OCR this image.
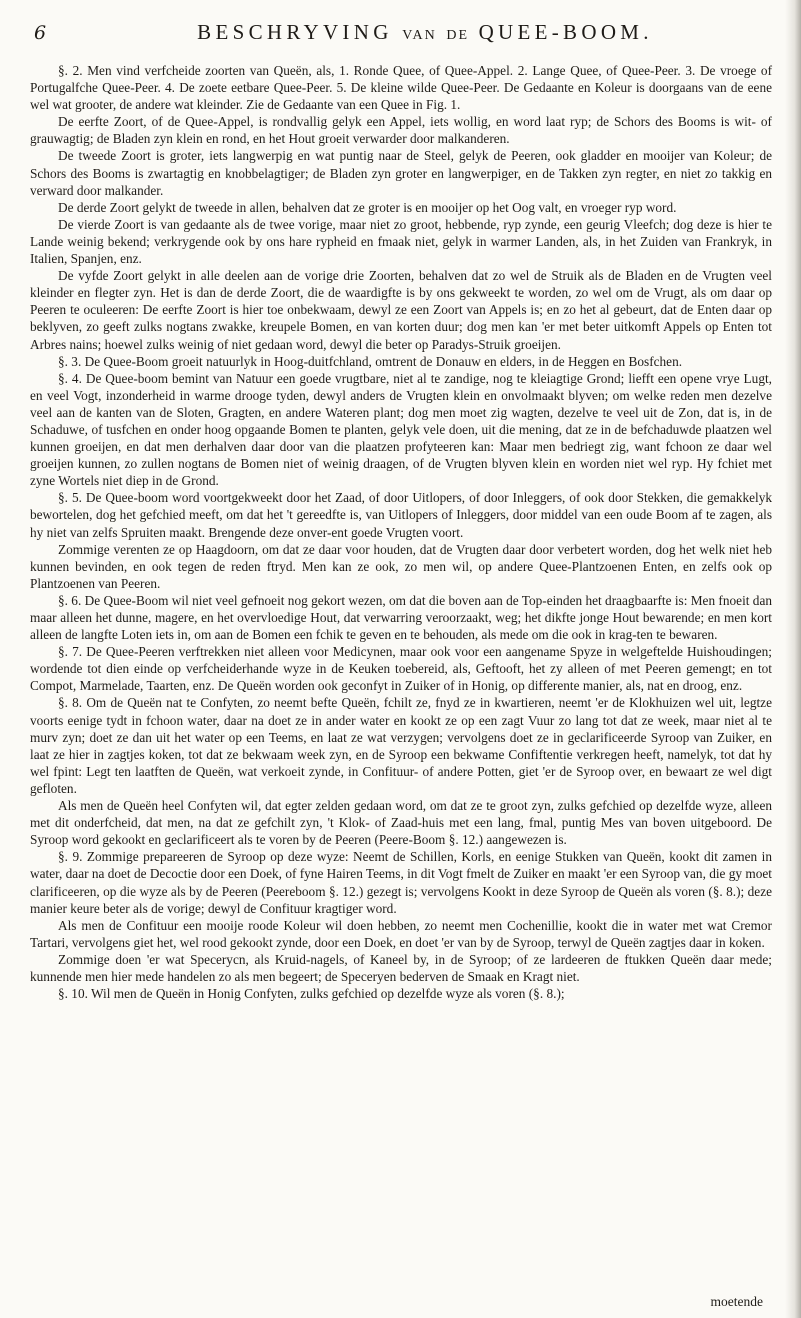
6	BESCHRYVING VAN DE QUEE-BOOM.

§. 2. Men vind verfcheide zoorten van Queën, als, 1. Ronde Quee, of Quee-Appel. 2. Lange Quee, of Quee-Peer. 3. De vroege of Portugalfche Quee-Peer. 4. De zoete eetbare Quee-Peer. 5. De kleine wilde Quee-Peer. De Gedaante en Koleur is doorgaans van de eene wel wat grooter, de andere wat kleinder. Zie de Gedaante van een Quee in Fig. 1.

De eerfte Zoort, of de Quee-Appel, is rondvallig gelyk een Appel, iets wollig, en word laat ryp; de Schors des Booms is wit- of grauwagtig; de Bladen zyn klein en rond, en het Hout groeit verwarder door malkanderen.

De tweede Zoort is groter, iets langwerpig en wat puntig naar de Steel, gelyk de Peeren, ook gladder en mooijer van Koleur; de Schors des Booms is zwartagtig en knobbelagtiger; de Bladen zyn groter en langwerpiger, en de Takken zyn regter, en niet zo takkig en verward door malkander.

De derde Zoort gelykt de tweede in allen, behalven dat ze groter is en mooijer op het Oog valt, en vroeger ryp word.

De vierde Zoort is van gedaante als de twee vorige, maar niet zo groot, hebbende, ryp zynde, een geurig Vleefch; dog deze is hier te Lande weinig bekend; verkrygende ook by ons hare rypheid en fmaak niet, gelyk in warmer Landen, als, in het Zuiden van Frankryk, in Italien, Spanjen, enz.

De vyfde Zoort gelykt in alle deelen aan de vorige drie Zoorten, behalven dat zo wel de Struik als de Bladen en de Vrugten veel kleinder en flegter zyn. Het is dan de derde Zoort, die de waardigfte is by ons gekweekt te worden, zo wel om de Vrugt, als om daar op Peeren te oculeeren: De eerfte Zoort is hier toe onbekwaam, dewyl ze een Zoort van Appels is; en zo het al gebeurt, dat de Enten daar op beklyven, zo geeft zulks nogtans zwakke, kreupele Bomen, en van korten duur; dog men kan 'er met beter uitkomft Appels op Enten tot Arbres nains; hoewel zulks weinig of niet gedaan word, dewyl die beter op Paradys-Struik groeijen.

§. 3. De Quee-Boom groeit natuurlyk in Hoog-duitfchland, omtrent de Donauw en elders, in de Heggen en Bosfchen.

§. 4. De Quee-boom bemint van Natuur een goede vrugtbare, niet al te zandige, nog te kleiagtige Grond; liefft een opene vrye Lugt, en veel Vogt, inzonderheid in warme drooge tyden, dewyl anders de Vrugten klein en onvolmaakt blyven; om welke reden men dezelve veel aan de kanten van de Sloten, Gragten, en andere Wateren plant; dog men moet zig wagten, dezelve te veel uit de Zon, dat is, in de Schaduwe, of tusfchen en onder hoog opgaande Bomen te planten, gelyk vele doen, uit die mening, dat ze in de befchaduwde plaatzen wel kunnen groeijen, en dat men derhalven daar door van die plaatzen profyteeren kan: Maar men bedriegt zig, want fchoon ze daar wel groeijen kunnen, zo zullen nogtans de Bomen niet of weinig draagen, of de Vrugten blyven klein en worden niet wel ryp. Hy fchiet met zyne Wortels niet diep in de Grond.

§. 5. De Quee-boom word voortgekweekt door het Zaad, of door Uitlopers, of door Inleggers, of ook door Stekken, die gemakkelyk bewortelen, dog het gefchied meeft, om dat het 't gereedfte is, van Uitlopers of Inleggers, door middel van een oude Boom af te zagen, als hy niet van zelfs Spruiten maakt. Brengende deze onver-ent goede Vrugten voort.

Zommige verenten ze op Haagdoorn, om dat ze daar voor houden, dat de Vrugten daar door verbetert worden, dog het welk niet heb kunnen bevinden, en ook tegen de reden ftryd. Men kan ze ook, zo men wil, op andere Quee-Plantzoenen Enten, en zelfs ook op Plantzoenen van Peeren.

§. 6. De Quee-Boom wil niet veel gefnoeit nog gekort wezen, om dat die boven aan de Top-einden het draagbaarfte is: Men fnoeit dan maar alleen het dunne, magere, en het overvloedige Hout, dat verwarring veroorzaakt, weg; het dikfte jonge Hout bewarende; en men kort alleen de langfte Loten iets in, om aan de Bomen een fchik te geven en te behouden, als mede om die ook in krag-ten te bewaren.

§. 7. De Quee-Peeren verftrekken niet alleen voor Medicynen, maar ook voor een aangename Spyze in welgeftelde Huishoudingen; wordende tot dien einde op verfcheiderhande wyze in de Keuken toebereid, als, Geftooft, het zy alleen of met Peeren gemengt; en tot Compot, Marmelade, Taarten, enz. De Queën worden ook geconfyt in Zuiker of in Honig, op differente manier, als, nat en droog, enz.

§. 8. Om de Queën nat te Confyten, zo neemt befte Queën, fchilt ze, fnyd ze in kwartieren, neemt 'er de Klokhuizen wel uit, legtze voorts eenige tydt in fchoon water, daar na doet ze in ander water en kookt ze op een zagt Vuur zo lang tot dat ze week, maar niet al te murv zyn; doet ze dan uit het water op een Teems, en laat ze wat verzygen; vervolgens doet ze in geclarificeerde Syroop van Zuiker, en laat ze hier in zagtjes koken, tot dat ze bekwaam week zyn, en de Syroop een bekwame Confiftentie verkregen heeft, namelyk, tot dat hy wel fpint: Legt ten laatften de Queën, wat verkoeit zynde, in Confituur- of andere Potten, giet 'er de Syroop over, en bewaart ze wel digt gefloten.

Als men de Queën heel Confyten wil, dat egter zelden gedaan word, om dat ze te groot zyn, zulks gefchied op dezelfde wyze, alleen met dit onderfcheid, dat men, na dat ze gefchilt zyn, 't Klok- of Zaad-huis met een lang, fmal, puntig Mes van boven uitgeboord. De Syroop word gekookt en geclarificeert als te voren by de Peeren (Peere-Boom §. 12.) aangewezen is.

§. 9. Zommige prepareeren de Syroop op deze wyze: Neemt de Schillen, Korls, en eenige Stukken van Queën, kookt dit zamen in water, daar na doet de Decoctie door een Doek, of fyne Hairen Teems, in dit Vogt fmelt de Zuiker en maakt 'er een Syroop van, die gy moet clarificeeren, op die wyze als by de Peeren (Peereboom §. 12.) gezegt is; vervolgens Kookt in deze Syroop de Queën als voren (§. 8.); deze manier keure beter als de vorige; dewyl de Confituur kragtiger word.

Als men de Confituur een mooije roode Koleur wil doen hebben, zo neemt men Cochenillie, kookt die in water met wat Cremor Tartari, vervolgens giet het, wel rood gekookt zynde, door een Doek, en doet 'er van by de Syroop, terwyl de Queën zagtjes daar in koken.

Zommige doen 'er wat Specerycn, als Kruid-nagels, of Kaneel by, in de Syroop; of ze lardeeren de ftukken Queën daar mede; kunnende men hier mede handelen zo als men begeert; de Speceryen bederven de Smaak en Kragt niet.

§. 10. Wil men de Queën in Honig Confyten, zulks gefchied op dezelfde wyze als voren (§. 8.);

moetende
